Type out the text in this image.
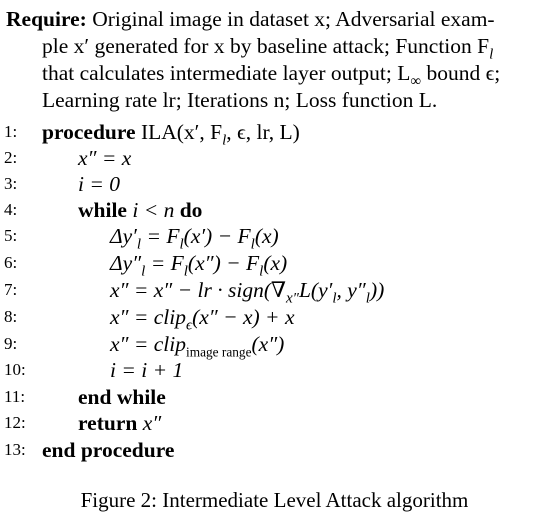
Require: Original image in dataset x; Adversarial exam-
ple x′ generated for x by baseline attack; Function $F_l$
that calculates intermediate layer output; $L_\infty$ bound ϵ;
Learning rate lr; Iterations n; Loss function L.
1:	procedure ILA(x′, $F_l$, ϵ, lr, L)
2:	x″ = x
3:	i = 0
4:	while i < n do
5:	$\Delta y'_l = F_l(x') - F_l(x)$
6:	$\Delta y''_l = F_l(x'') - F_l(x)$
7:	x″ = x″ − lr · $sign(\nabla_{x''}L(y'_l$, $y''_l$))
8:	x″ = clip$_\epsilon$(x″ − x) + x
9:	x″ = clip$_{image range}$(x″)
10:	i = i + 1
11:	end while
12:	return x″
13: end procedure
Figure 2: Intermediate Level Attack algorithm
